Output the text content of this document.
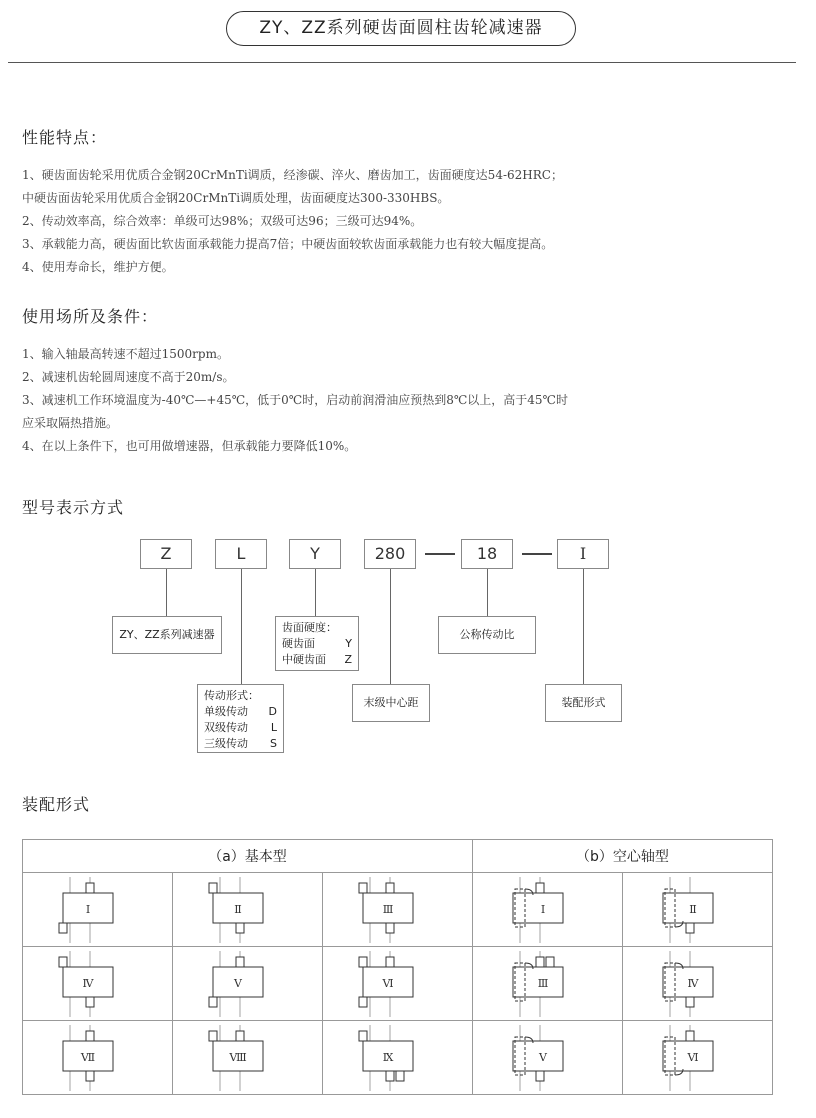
ZY、ZZ系列硬齿面圆柱齿轮减速器
性能特点：
1、硬齿面齿轮采用优质合金钢20CrMnTi调质，经渗碳、淬火、磨齿加工，齿面硬度达54-62HRC；
中硬齿面齿轮采用优质合金钢20CrMnTi调质处理，齿面硬度达300-330HBS。
2、传动效率高，综合效率：单级可达98%；双级可达96；三级可达94%。
3、承载能力高，硬齿面比软齿面承载能力提高7倍；中硬齿面较软齿面承载能力也有较大幅度提高。
4、使用寿命长，维护方便。
使用场所及条件：
1、输入轴最高转速不超过1500rpm。
2、减速机齿轮圆周速度不高于20m/s。
3、减速机工作环境温度为-40℃—+45℃，低于0℃时，启动前润滑油应预热到8℃以上，高于45℃时
应采取隔热措施。
4、在以上条件下，也可用做增速器，但承载能力要降低10%。
型号表示方式
Z	L	Y	280	18	Ⅰ
ZY、ZZ系列减速器
齿面硬度：
硬齿面	Y
中硬齿面 Z
公称传动比
传动形式：
单级传动 D
双级传动 L
三级传动 S
末级中心距	装配形式
装配形式
（a）基本型			（b）空心轴型	

Ⅰ	Ⅱ	Ⅲ	Ⅰ	Ⅱ

Ⅳ	Ⅴ	Ⅵ	Ⅲ	Ⅳ

Ⅶ	Ⅷ	Ⅸ	Ⅴ	Ⅵ
